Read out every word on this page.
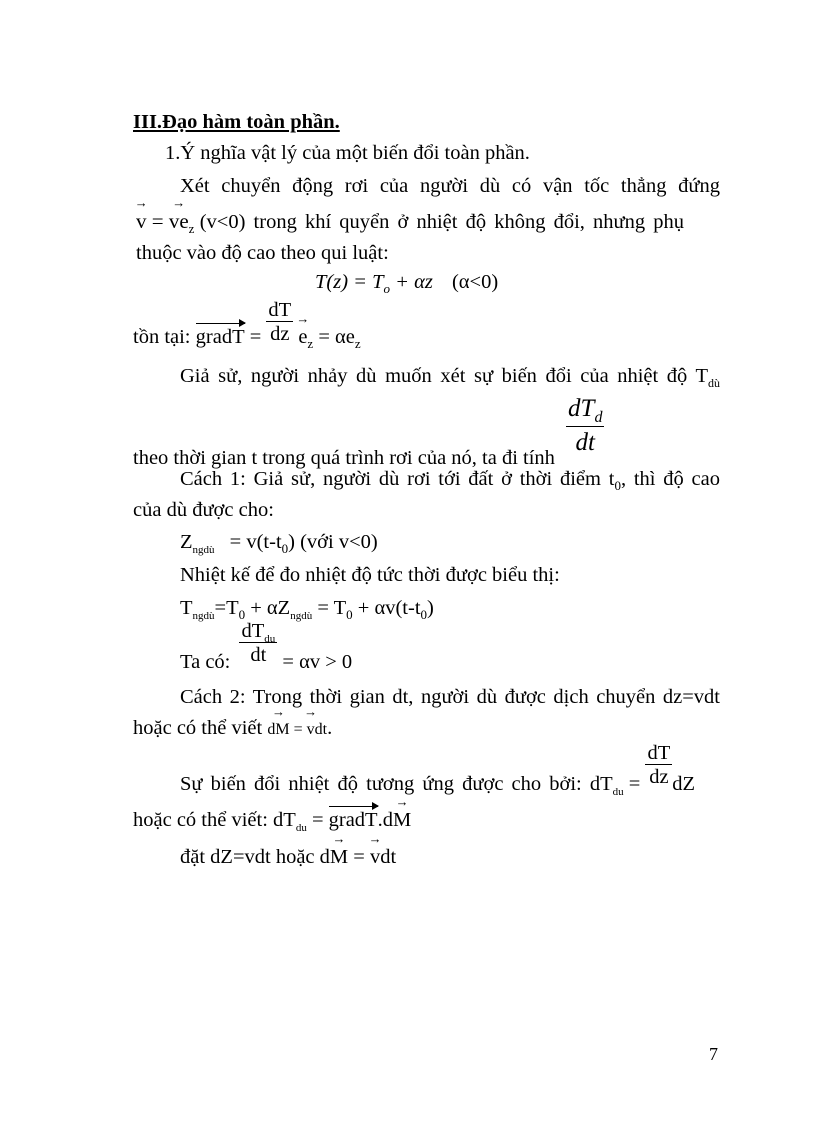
III.Đạo hàm toàn phần.
1.Ý nghĩa vật lý của một biến đổi toàn phần.
Xét chuyển động rơi của người dù có vận tốc thẳng đứng
→ v = → $ve_z$ (v<0) trong khí quyển ở nhiệt độ không đổi, nhưng phụ
thuộc vào độ cao theo qui luật:
$T(z) = T_o + \alpha z$ (α<0)
tồn tại: gradT = $\frac{dT}{dz}$
→ $e_z = \alpha e_z$
Giả sử, người nhảy dù muốn xét sự biến đổi của nhiệt độ $T_{dù}$
theo thời gian t trong quá trình rơi của nó, ta đi tính $\frac{dT_d}{dt}$
Cách 1: Giả sử, người dù rơi tới đất ở thời điểm $t_0$, thì độ cao
của dù được cho:
$Z_{ngdù} = v(t-t_0)$ (với v<0)
Nhiệt kế để đo nhiệt độ tức thời được biểu thị:
$T_{ngdù}=T_0 + \alpha Z_{ngdù} = T_0 + \alpha v(t-t_0)$
Ta có: $\frac{dT_{du}}{dt} = \alpha v > 0$
Cách 2: Trong thời gian dt, người dù được dịch chuyển dz=vdt
hoặc có thể viết → dM = → vdt.
Sự biến đổi nhiệt độ tương ứng được cho bởi: $dT_{du} = \frac{dT}{dz}$ dZ
hoặc có thể viết: $dT_{du}$ = gradT.d→ M
đặt dZ=vdt hoặc d→ M = → vdt
7
